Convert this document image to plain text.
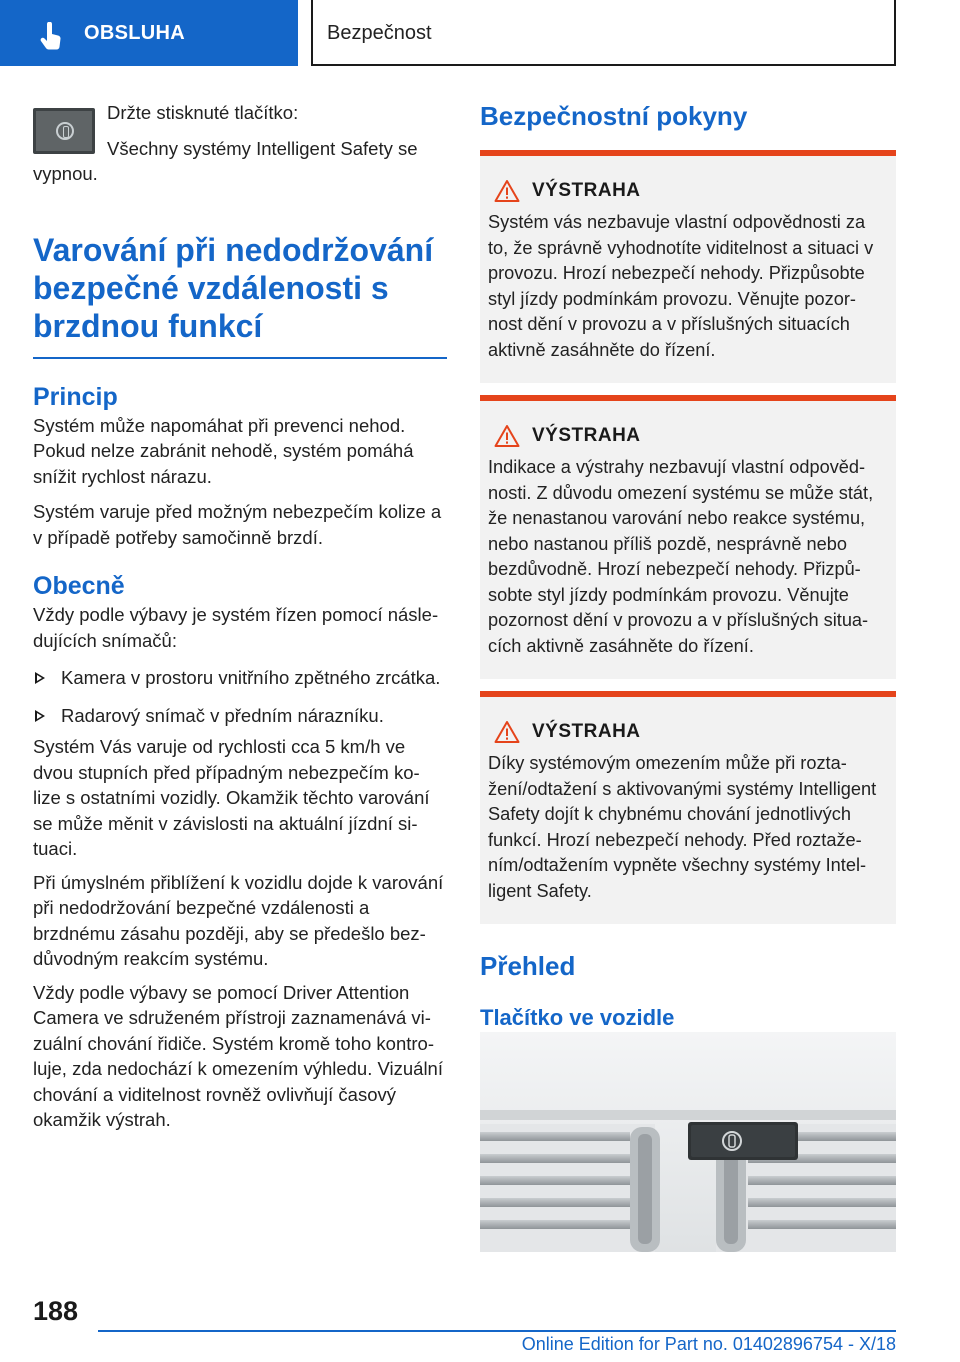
OBSLUHA	Bezpečnost

Držte stisknuté tlačítko:

Všechny systémy Intelligent Safety se vypnou.

Varování při nedodržování bezpečné vzdálenosti s brzdnou funkcí
Princip

Systém může napomáhat při prevenci nehod. Pokud nelze zabránit nehodě, systém pomáhá snížit rychlost nárazu.

Systém varuje před možným nebezpečím kolize a v případě potřeby samočinně brzdí.

Obecně

Vždy podle výbavy je systém řízen pomocí násle-dujících snímačů:

Kamera v prostoru vnitřního zpětného zrcátka.
Radarový snímač v předním nárazníku.

Systém Vás varuje od rychlosti cca 5 km/h ve dvou stupních před případným nebezpečím ko-lize s ostatními vozidly. Okamžik těchto varování se může měnit v závislosti na aktuální jízdní si-tuaci.

Při úmyslném přiblížení k vozidlu dojde k varování při nedodržování bezpečné vzdálenosti a brzdnému zásahu později, aby se předešlo bez-důvodným reakcím systému.

Vždy podle výbavy se pomocí Driver Attention Camera ve sdruženém přístroji zaznamenává vi-zuální chování řidiče. Systém kromě toho kontro-luje, zda nedochází k omezením výhledu. Vizuální chování a viditelnost rovněž ovlivňují časový okamžik výstrah.

Bezpečnostní pokyny
VÝSTRAHA

Systém vás nezbavuje vlastní odpovědnosti za to, že správně vyhodnotíte viditelnost a situaci v provozu. Hrozí nebezpečí nehody. Přizpůsobte styl jízdy podmínkám provozu. Věnujte pozor-nost dění v provozu a v příslušných situacích aktivně zasáhněte do řízení.

VÝSTRAHA

Indikace a výstrahy nezbavují vlastní odpověd-nosti. Z důvodu omezení systému se může stát, že nenastanou varování nebo reakce systému, nebo nastanou příliš pozdě, nesprávně nebo bezdůvodně. Hrozí nebezpečí nehody. Přizpů-sobte styl jízdy podmínkám provozu. Věnujte pozornost dění v provozu a v příslušných situa-cích aktivně zasáhněte do řízení.

VÝSTRAHA

Díky systémovým omezením může při rozta-žení/odtažení s aktivovanými systémy Intelligent Safety dojít k chybnému chování jednotlivých funkcí. Hrozí nebezpečí nehody. Před roztaže-ním/odtažením vypněte všechny systémy Intel-ligent Safety.

Přehled
Tlačítko ve vozidle
188
Online Edition for Part no. 01402896754 - X/18
